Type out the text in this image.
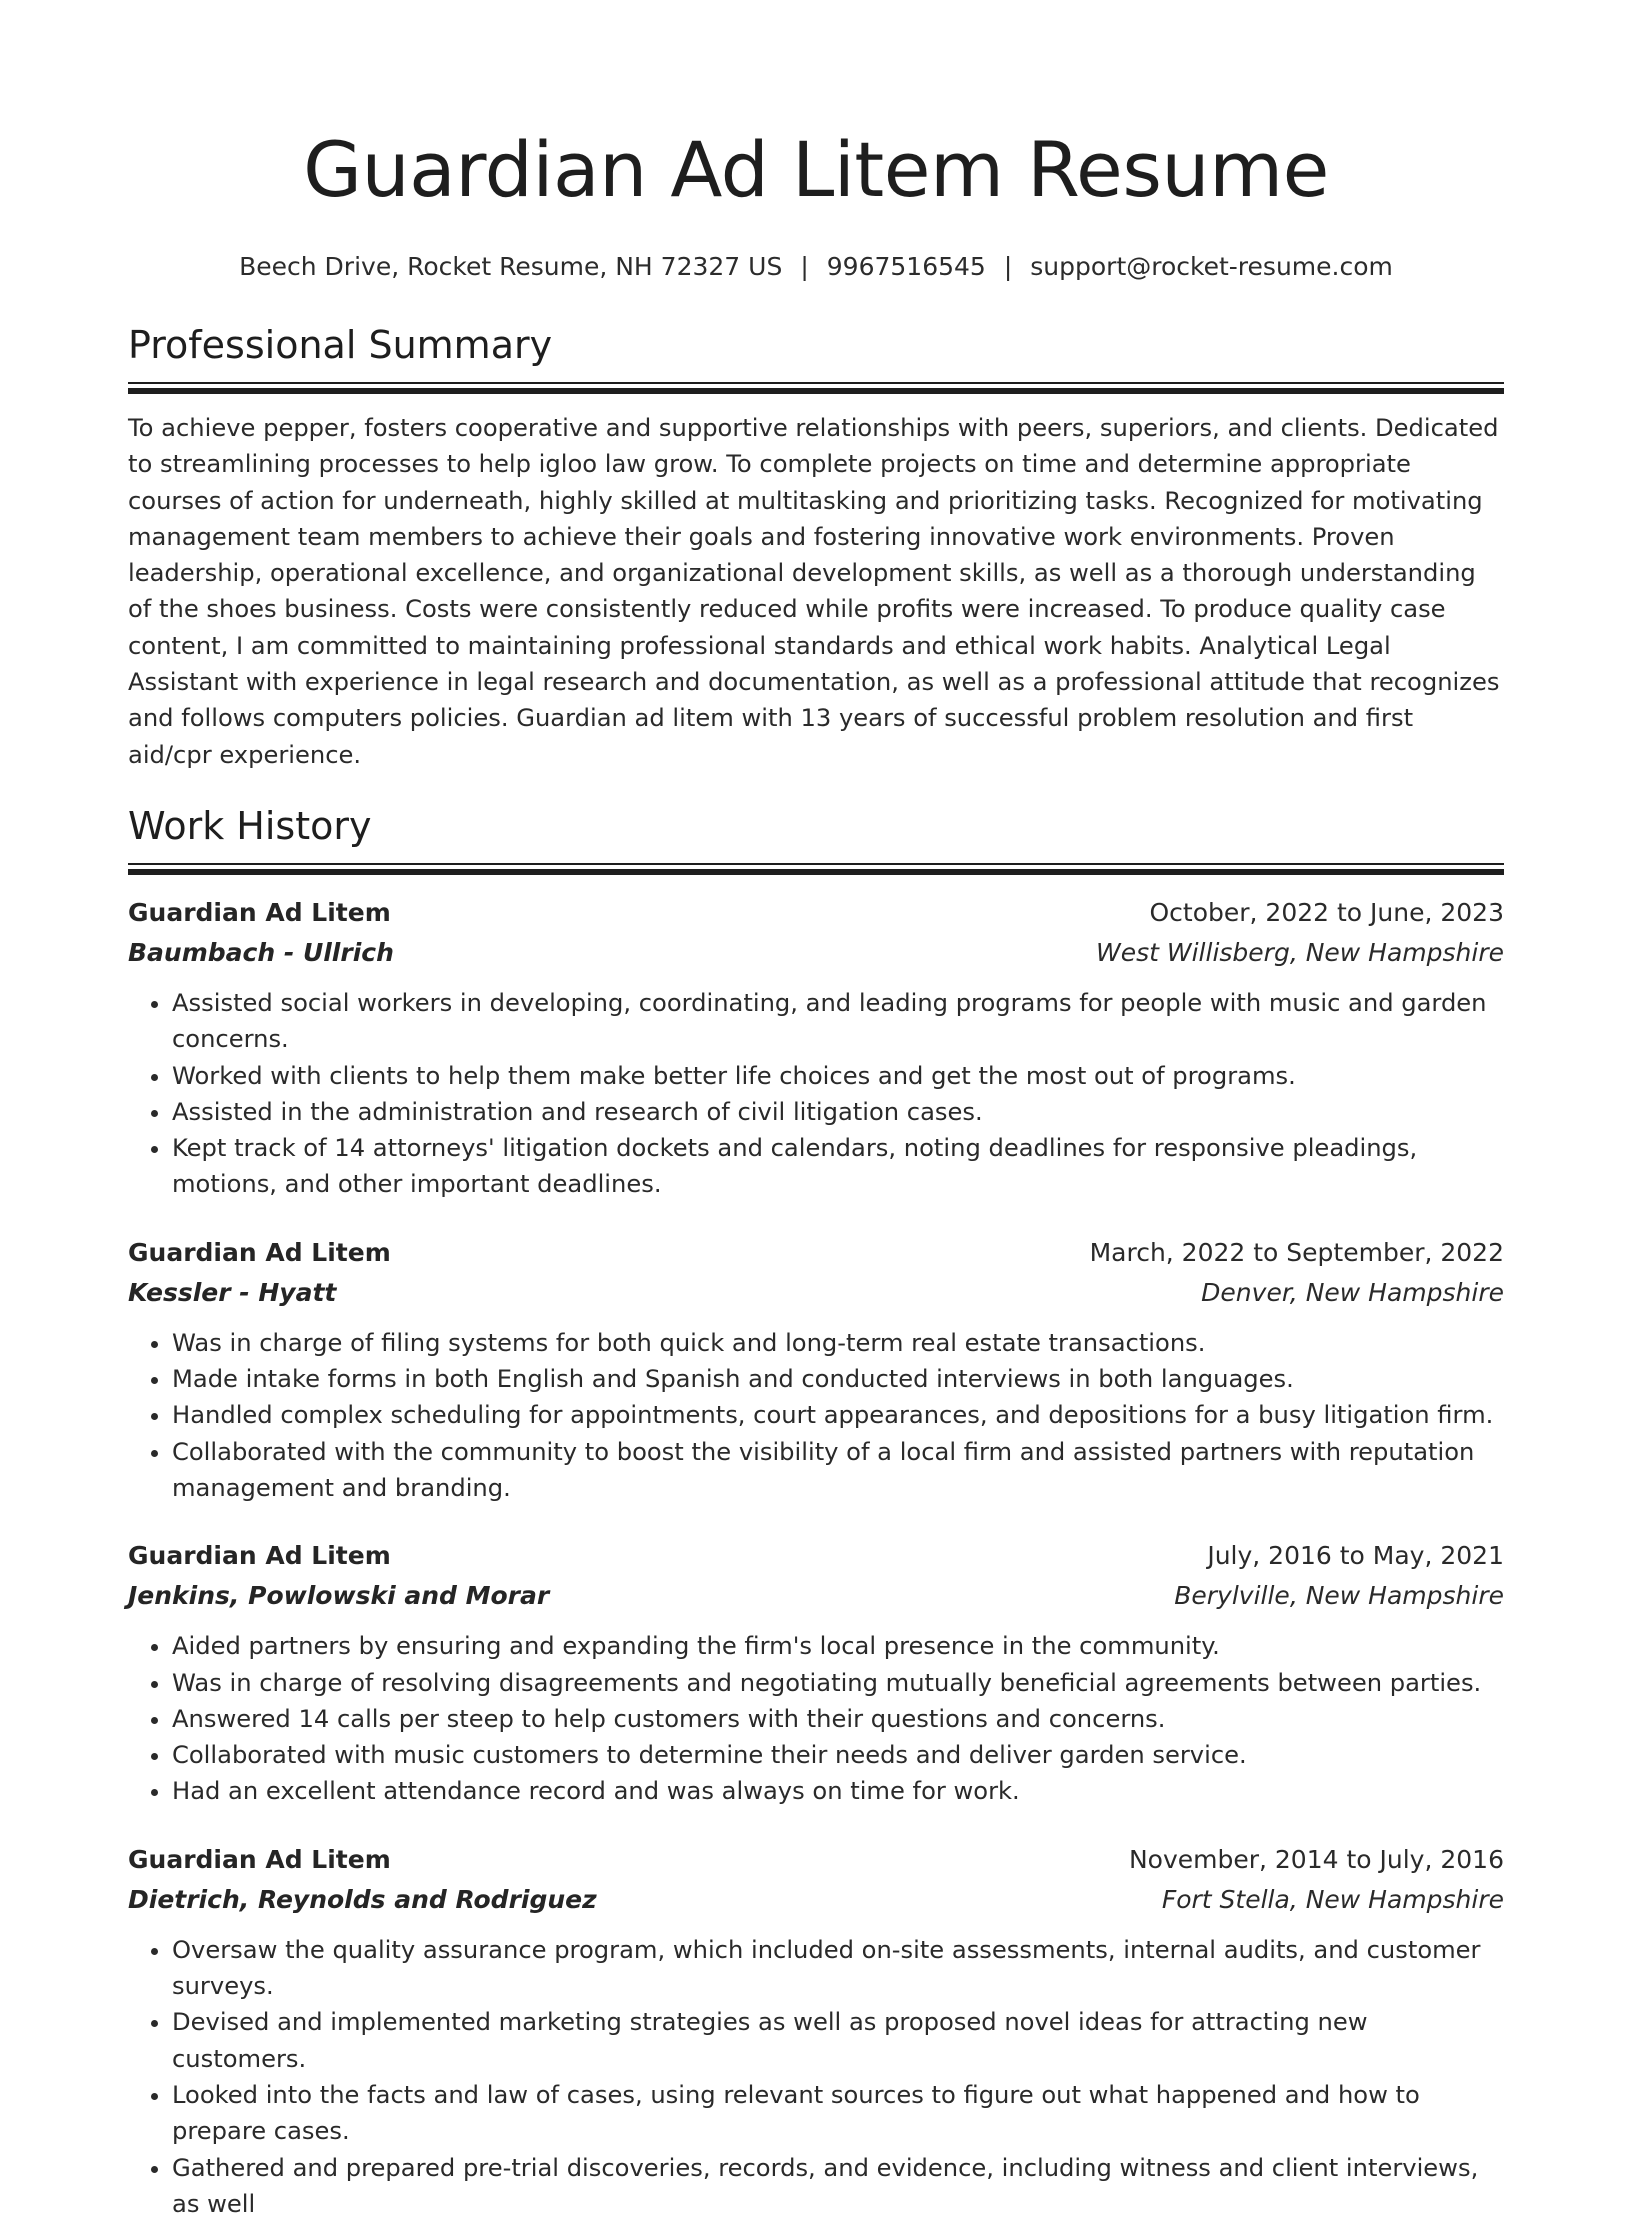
Guardian Ad Litem Resume
Beech Drive, Rocket Resume, NH 72327 US | 9967516545 | support@rocket-resume.com
Professional Summary

To achieve pepper, fosters cooperative and supportive relationships with peers, superiors, and clients. Dedicated to streamlining processes to help igloo law grow. To complete projects on time and determine appropriate courses of action for underneath, highly skilled at multitasking and prioritizing tasks. Recognized for motivating management team members to achieve their goals and fostering innovative work environments. Proven leadership, operational excellence, and organizational development skills, as well as a thorough understanding of the shoes business. Costs were consistently reduced while profits were increased. To produce quality case content, I am committed to maintaining professional standards and ethical work habits. Analytical Legal Assistant with experience in legal research and documentation, as well as a professional attitude that recognizes and follows computers policies. Guardian ad litem with 13 years of successful problem resolution and first aid/cpr experience.

Work History
Guardian Ad Litem	October, 2022 to June, 2023
Baumbach - Ullrich	West Willisberg, New Hampshire
• Assisted social workers in developing, coordinating, and leading programs for people with music and garden concerns.
• Worked with clients to help them make better life choices and get the most out of programs.
• Assisted in the administration and research of civil litigation cases.
• Kept track of 14 attorneys' litigation dockets and calendars, noting deadlines for responsive pleadings, motions, and other important deadlines.
Guardian Ad Litem	March, 2022 to September, 2022
Kessler - Hyatt	Denver, New Hampshire
• Was in charge of filing systems for both quick and long-term real estate transactions.
• Made intake forms in both English and Spanish and conducted interviews in both languages.
• Handled complex scheduling for appointments, court appearances, and depositions for a busy litigation firm.
• Collaborated with the community to boost the visibility of a local firm and assisted partners with reputation management and branding.
Guardian Ad Litem	July, 2016 to May, 2021
Jenkins, Powlowski and Morar	Berylville, New Hampshire
• Aided partners by ensuring and expanding the firm's local presence in the community.
• Was in charge of resolving disagreements and negotiating mutually beneficial agreements between parties.
• Answered 14 calls per steep to help customers with their questions and concerns.
• Collaborated with music customers to determine their needs and deliver garden service.
• Had an excellent attendance record and was always on time for work.
Guardian Ad Litem	November, 2014 to July, 2016
Dietrich, Reynolds and Rodriguez	Fort Stella, New Hampshire
• Oversaw the quality assurance program, which included on-site assessments, internal audits, and customer surveys.
• Devised and implemented marketing strategies as well as proposed novel ideas for attracting new customers.
• Looked into the facts and law of cases, using relevant sources to figure out what happened and how to prepare cases.
• Gathered and prepared pre-trial discoveries, records, and evidence, including witness and client interviews, as well
